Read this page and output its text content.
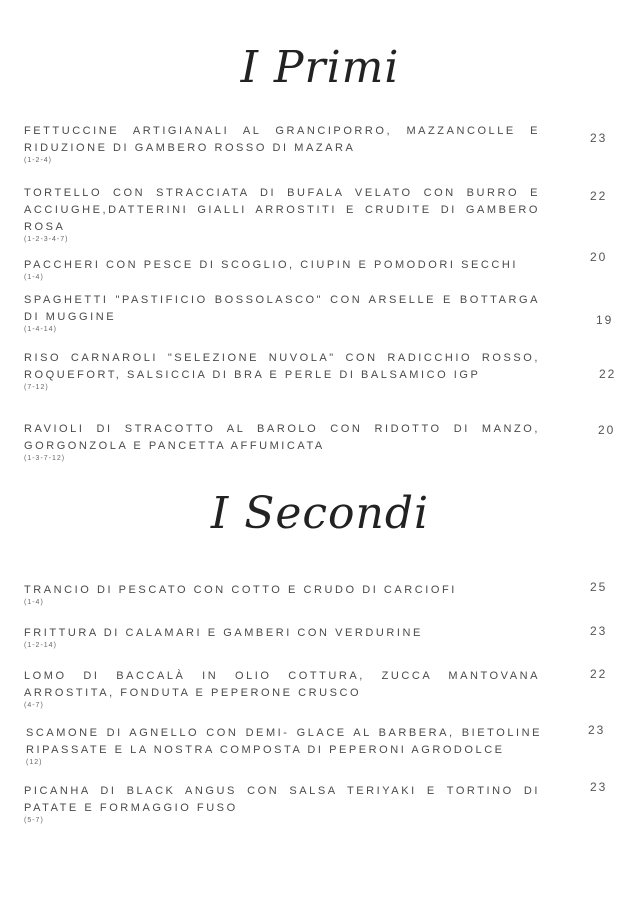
I Primi
FETTUCCINE ARTIGIANALI AL GRANCIPORRO, MAZZANCOLLE E RIDUZIONE DI GAMBERO ROSSO DI MAZARA
(1-2-4)
23
TORTELLO CON STRACCIATA DI BUFALA VELATO CON BURRO E ACCIUGHE,DATTERINI GIALLI ARROSTITI E CRUDITE DI GAMBERO ROSA
(1-2-3-4-7)
22
PACCHERI CON PESCE DI SCOGLIO, CIUPIN E POMODORI SECCHI
(1-4)
20
SPAGHETTI "PASTIFICIO BOSSOLASCO" CON ARSELLE E BOTTARGA DI MUGGINE
(1-4-14)
19
RISO CARNAROLI "SELEZIONE NUVOLA" CON RADICCHIO ROSSO, ROQUEFORT, SALSICCIA DI BRA E PERLE DI BALSAMICO IGP
(7-12)
22
RAVIOLI DI STRACOTTO AL BAROLO CON RIDOTTO DI MANZO, GORGONZOLA E PANCETTA AFFUMICATA
(1-3-7-12)
20
I Secondi
TRANCIO DI PESCATO CON COTTO E CRUDO DI CARCIOFI
(1-4)
25
FRITTURA DI CALAMARI E GAMBERI CON VERDURINE
(1-2-14)
23
LOMO DI BACCALÀ IN OLIO COTTURA, ZUCCA MANTOVANA ARROSTITA, FONDUTA E PEPERONE CRUSCO
(4-7)
22
SCAMONE DI AGNELLO CON DEMI- GLACE AL BARBERA, BIETOLINE RIPASSATE E LA NOSTRA COMPOSTA DI PEPERONI AGRODOLCE
(12)
23
PICANHA DI BLACK ANGUS CON SALSA TERIYAKI E TORTINO DI PATATE E FORMAGGIO FUSO
(5-7)
23
